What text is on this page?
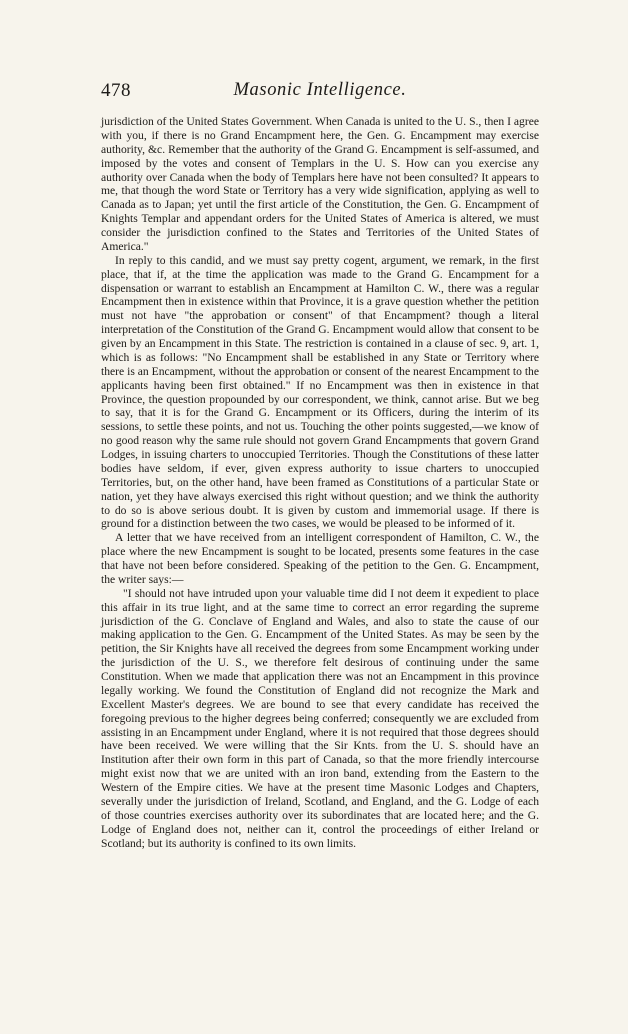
478	Masonic Intelligence.

jurisdiction of the United States Government. When Canada is united to the U. S., then I agree with you, if there is no Grand Encampment here, the Gen. G. Encampment may exercise authority, &c. Remember that the authority of the Grand G. Encampment is self-assumed, and imposed by the votes and consent of Templars in the U. S. How can you exercise any authority over Canada when the body of Templars here have not been consulted? It appears to me, that though the word State or Territory has a very wide signification, applying as well to Canada as to Japan; yet until the first article of the Constitution, the Gen. G. Encampment of Knights Templar and appendant orders for the United States of America is altered, we must consider the jurisdiction confined to the States and Territories of the United States of America."

In reply to this candid, and we must say pretty cogent, argument, we remark, in the first place, that if, at the time the application was made to the Grand G. Encampment for a dispensation or warrant to establish an Encampment at Hamilton C. W., there was a regular Encampment then in existence within that Province, it is a grave question whether the petition must not have "the approbation or consent" of that Encampment? though a literal interpretation of the Constitution of the Grand G. Encampment would allow that consent to be given by an Encampment in this State. The restriction is contained in a clause of sec. 9, art. 1, which is as follows: "No Encampment shall be established in any State or Territory where there is an Encampment, without the approbation or consent of the nearest Encampment to the applicants having been first obtained." If no Encampment was then in existence in that Province, the question propounded by our correspondent, we think, cannot arise. But we beg to say, that it is for the Grand G. Encampment or its Officers, during the interim of its sessions, to settle these points, and not us. Touching the other points suggested,—we know of no good reason why the same rule should not govern Grand Encampments that govern Grand Lodges, in issuing charters to unoccupied Territories. Though the Constitutions of these latter bodies have seldom, if ever, given express authority to issue charters to unoccupied Territories, but, on the other hand, have been framed as Constitutions of a particular State or nation, yet they have always exercised this right without question; and we think the authority to do so is above serious doubt. It is given by custom and immemorial usage. If there is ground for a distinction between the two cases, we would be pleased to be informed of it.

A letter that we have received from an intelligent correspondent of Hamilton, C. W., the place where the new Encampment is sought to be located, presents some features in the case that have not been before considered. Speaking of the petition to the Gen. G. Encampment, the writer says:—

"I should not have intruded upon your valuable time did I not deem it expedient to place this affair in its true light, and at the same time to correct an error regarding the supreme jurisdiction of the G. Conclave of England and Wales, and also to state the cause of our making application to the Gen. G. Encampment of the United States. As may be seen by the petition, the Sir Knights have all received the degrees from some Encampment working under the jurisdiction of the U. S., we therefore felt desirous of continuing under the same Constitution. When we made that application there was not an Encampment in this province legally working. We found the Constitution of England did not recognize the Mark and Excellent Master's degrees. We are bound to see that every candidate has received the foregoing previous to the higher degrees being conferred; consequently we are excluded from assisting in an Encampment under England, where it is not required that those degrees should have been received. We were willing that the Sir Knts. from the U. S. should have an Institution after their own form in this part of Canada, so that the more friendly intercourse might exist now that we are united with an iron band, extending from the Eastern to the Western of the Empire cities. We have at the present time Masonic Lodges and Chapters, severally under the jurisdiction of Ireland, Scotland, and England, and the G. Lodge of each of those countries exercises authority over its subordinates that are located here; and the G. Lodge of England does not, neither can it, control the proceedings of either Ireland or Scotland; but its authority is confined to its own limits.
